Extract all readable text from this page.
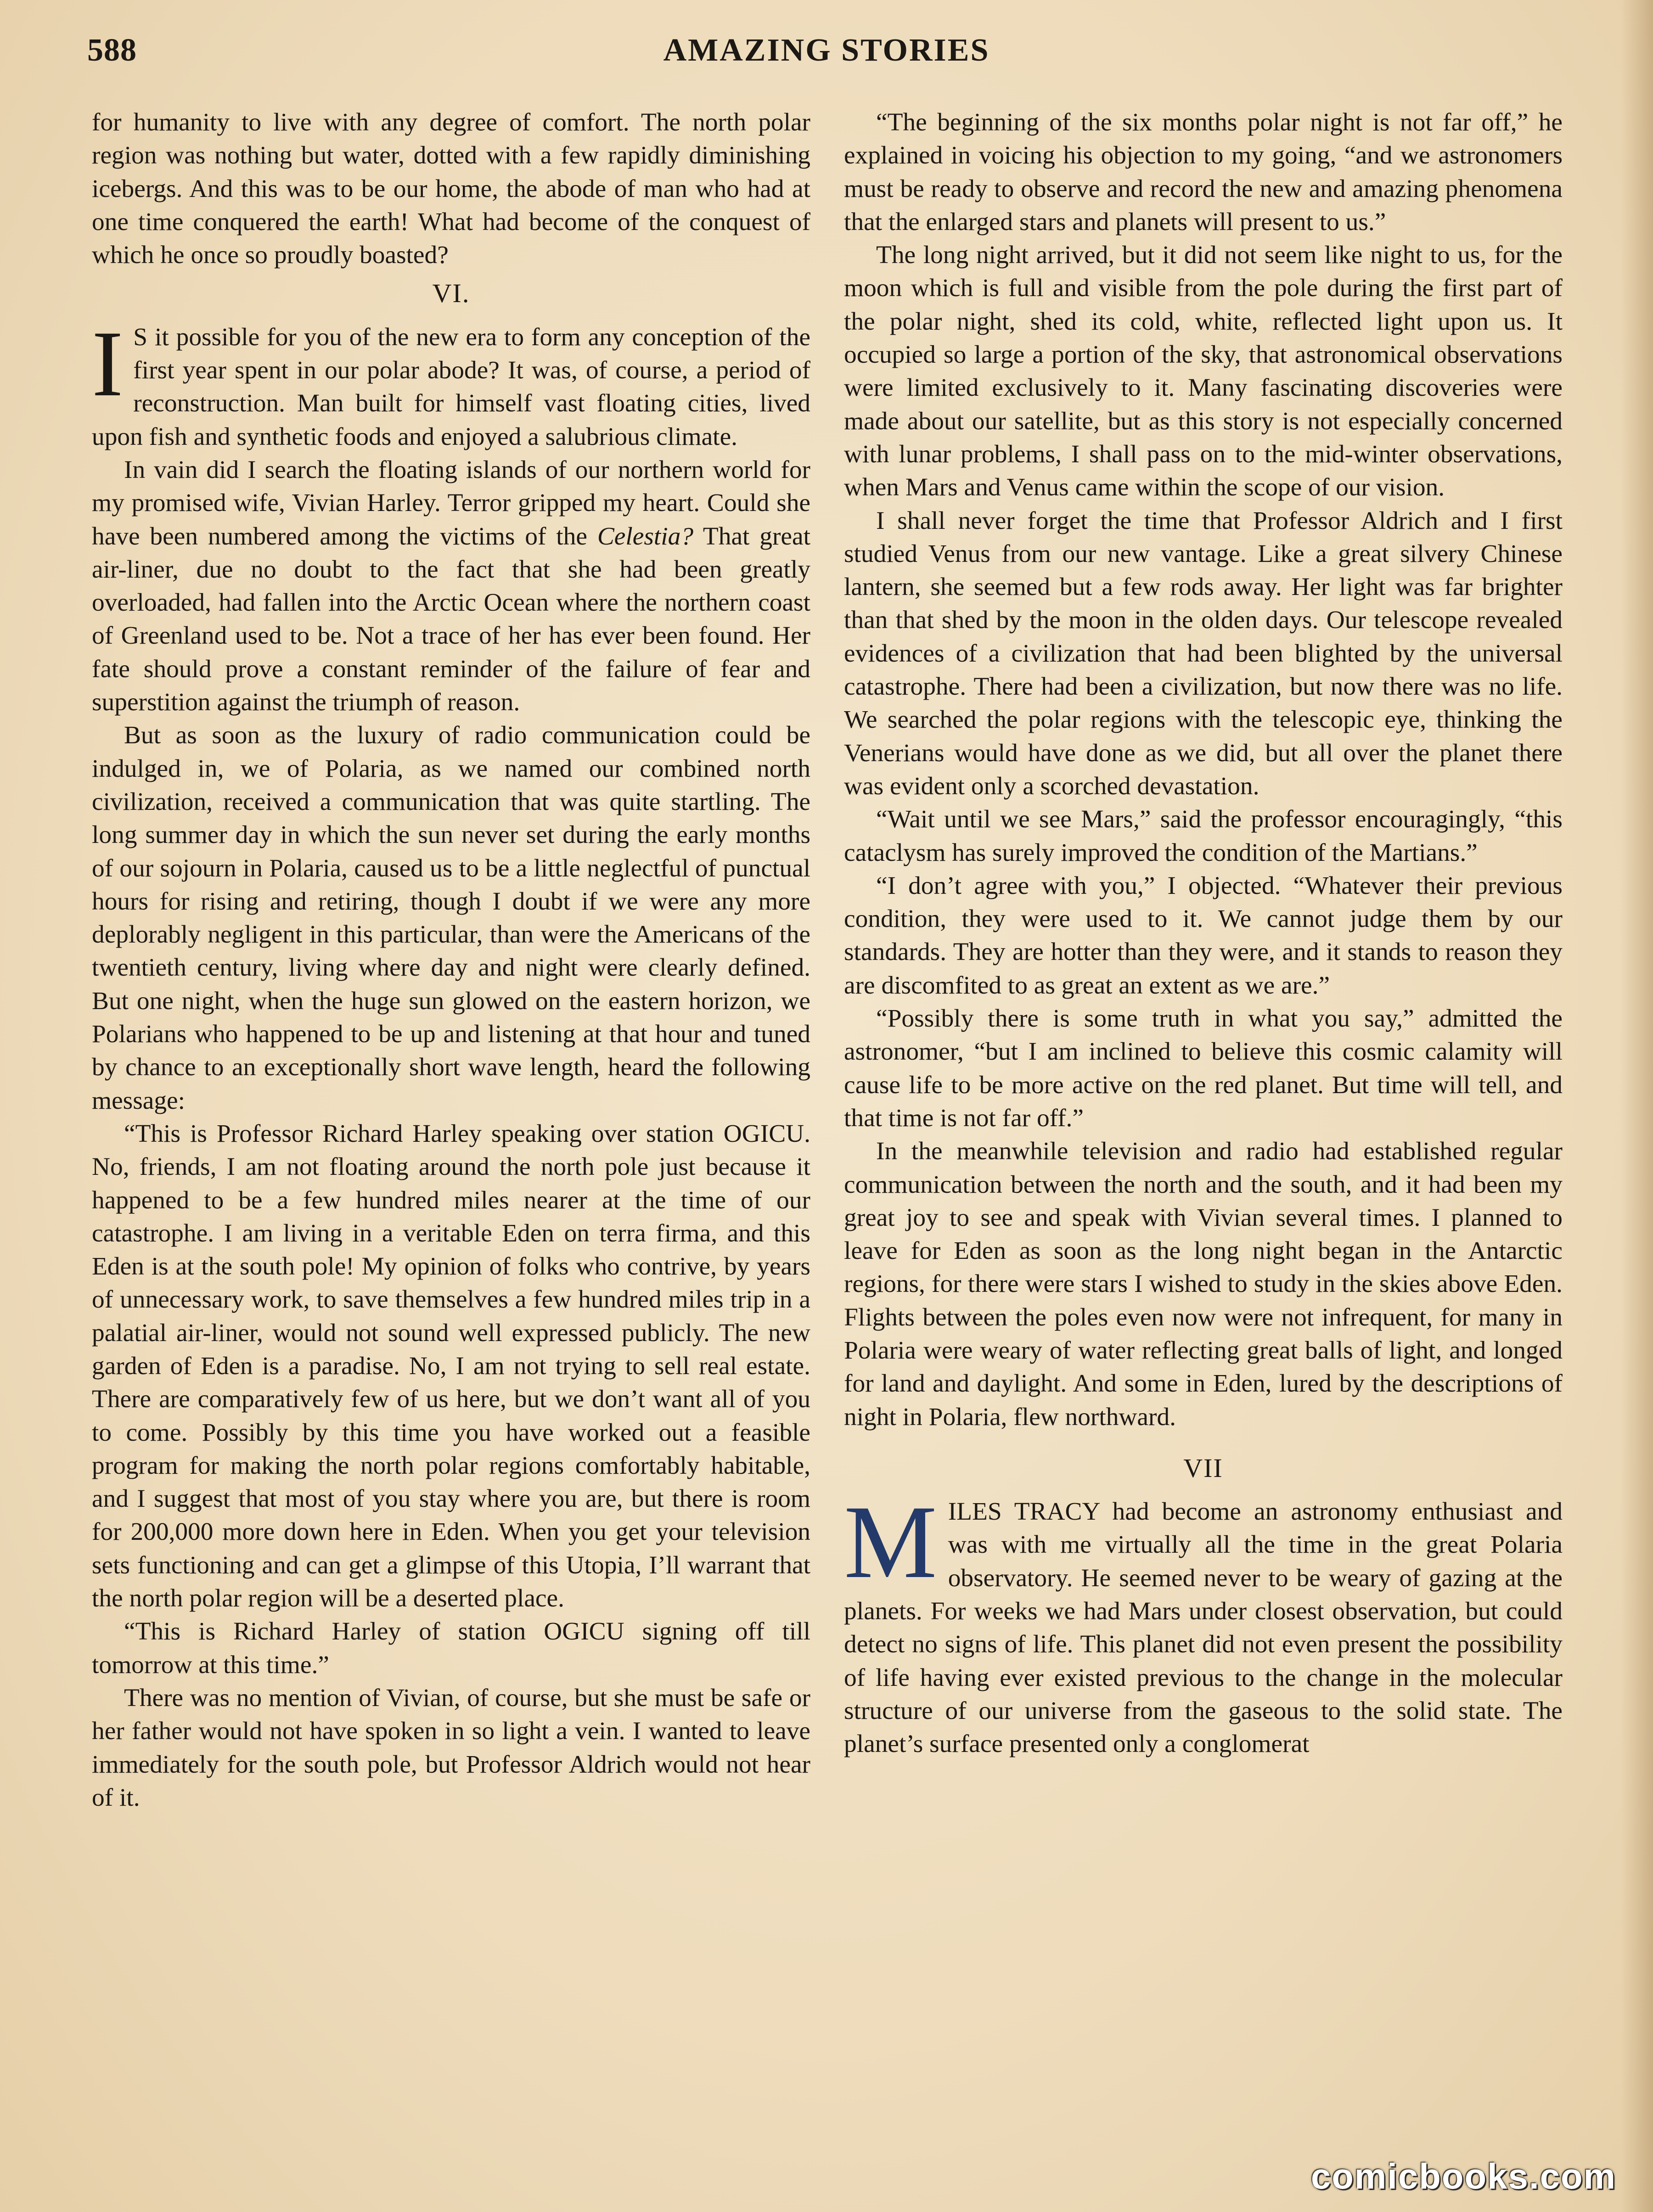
588	AMAZING STORIES

for humanity to live with any degree of comfort. The north polar region was nothing but water, dotted with a few rapidly diminishing icebergs. And this was to be our home, the abode of man who had at one time conquered the earth! What had become of the conquest of which he once so proudly boasted?

VI.

I S it possible for you of the new era to form any conception of the first year spent in our polar abode? It was, of course, a period of reconstruction. Man built for himself vast floating cities, lived upon fish and synthetic foods and enjoyed a salubrious climate.

In vain did I search the floating islands of our northern world for my promised wife, Vivian Harley. Terror gripped my heart. Could she have been numbered among the victims of the Celestia? That great air-liner, due no doubt to the fact that she had been greatly overloaded, had fallen into the Arctic Ocean where the northern coast of Greenland used to be. Not a trace of her has ever been found. Her fate should prove a constant reminder of the failure of fear and superstition against the triumph of reason.

But as soon as the luxury of radio communication could be indulged in, we of Polaria, as we named our combined north civilization, received a communication that was quite startling. The long summer day in which the sun never set during the early months of our sojourn in Polaria, caused us to be a little neglectful of punctual hours for rising and retiring, though I doubt if we were any more deplorably negligent in this particular, than were the Americans of the twentieth century, living where day and night were clearly defined. But one night, when the huge sun glowed on the eastern horizon, we Polarians who happened to be up and listening at that hour and tuned by chance to an exceptionally short wave length, heard the following message:

“This is Professor Richard Harley speaking over station OGICU. No, friends, I am not floating around the north pole just because it happened to be a few hundred miles nearer at the time of our catastrophe. I am living in a veritable Eden on terra firma, and this Eden is at the south pole! My opinion of folks who contrive, by years of unnecessary work, to save themselves a few hundred miles trip in a palatial air-liner, would not sound well expressed publicly. The new garden of Eden is a paradise. No, I am not trying to sell real estate. There are comparatively few of us here, but we don’t want all of you to come. Possibly by this time you have worked out a feasible program for making the north polar regions comfortably habitable, and I suggest that most of you stay where you are, but there is room for 200,000 more down here in Eden. When you get your television sets functioning and can get a glimpse of this Utopia, I’ll warrant that the north polar region will be a deserted place.

“This is Richard Harley of station OGICU signing off till tomorrow at this time.”

There was no mention of Vivian, of course, but she must be safe or her father would not have spoken in so light a vein. I wanted to leave immediately for the south pole, but Professor Aldrich would not hear of it.

“The beginning of the six months polar night is not far off,” he explained in voicing his objection to my going, “and we astronomers must be ready to observe and record the new and amazing phenomena that the enlarged stars and planets will present to us.”

The long night arrived, but it did not seem like night to us, for the moon which is full and visible from the pole during the first part of the polar night, shed its cold, white, reflected light upon us. It occupied so large a portion of the sky, that astronomical observations were limited exclusively to it. Many fascinating discoveries were made about our satellite, but as this story is not especially concerned with lunar problems, I shall pass on to the mid-winter observations, when Mars and Venus came within the scope of our vision.

I shall never forget the time that Professor Aldrich and I first studied Venus from our new vantage. Like a great silvery Chinese lantern, she seemed but a few rods away. Her light was far brighter than that shed by the moon in the olden days. Our telescope revealed evidences of a civilization that had been blighted by the universal catastrophe. There had been a civilization, but now there was no life. We searched the polar regions with the telescopic eye, thinking the Venerians would have done as we did, but all over the planet there was evident only a scorched devastation.

“Wait until we see Mars,” said the professor encouragingly, “this cataclysm has surely improved the condition of the Martians.”

“I don’t agree with you,” I objected. “Whatever their previous condition, they were used to it. We cannot judge them by our standards. They are hotter than they were, and it stands to reason they are discomfited to as great an extent as we are.”

“Possibly there is some truth in what you say,” admitted the astronomer, “but I am inclined to believe this cosmic calamity will cause life to be more active on the red planet. But time will tell, and that time is not far off.”

In the meanwhile television and radio had established regular communication between the north and the south, and it had been my great joy to see and speak with Vivian several times. I planned to leave for Eden as soon as the long night began in the Antarctic regions, for there were stars I wished to study in the skies above Eden. Flights between the poles even now were not infrequent, for many in Polaria were weary of water reflecting great balls of light, and longed for land and daylight. And some in Eden, lured by the descriptions of night in Polaria, flew northward.

VII

MILES TRACY had become an astronomy enthusiast and was with me virtually all the time in the great Polaria observatory. He seemed never to be weary of gazing at the planets. For weeks we had Mars under closest observation, but could detect no signs of life. This planet did not even present the possibility of life having ever existed previous to the change in the molecular structure of our universe from the gaseous to the solid state. The planet’s surface presented only a conglomerat

comicbooks.com
